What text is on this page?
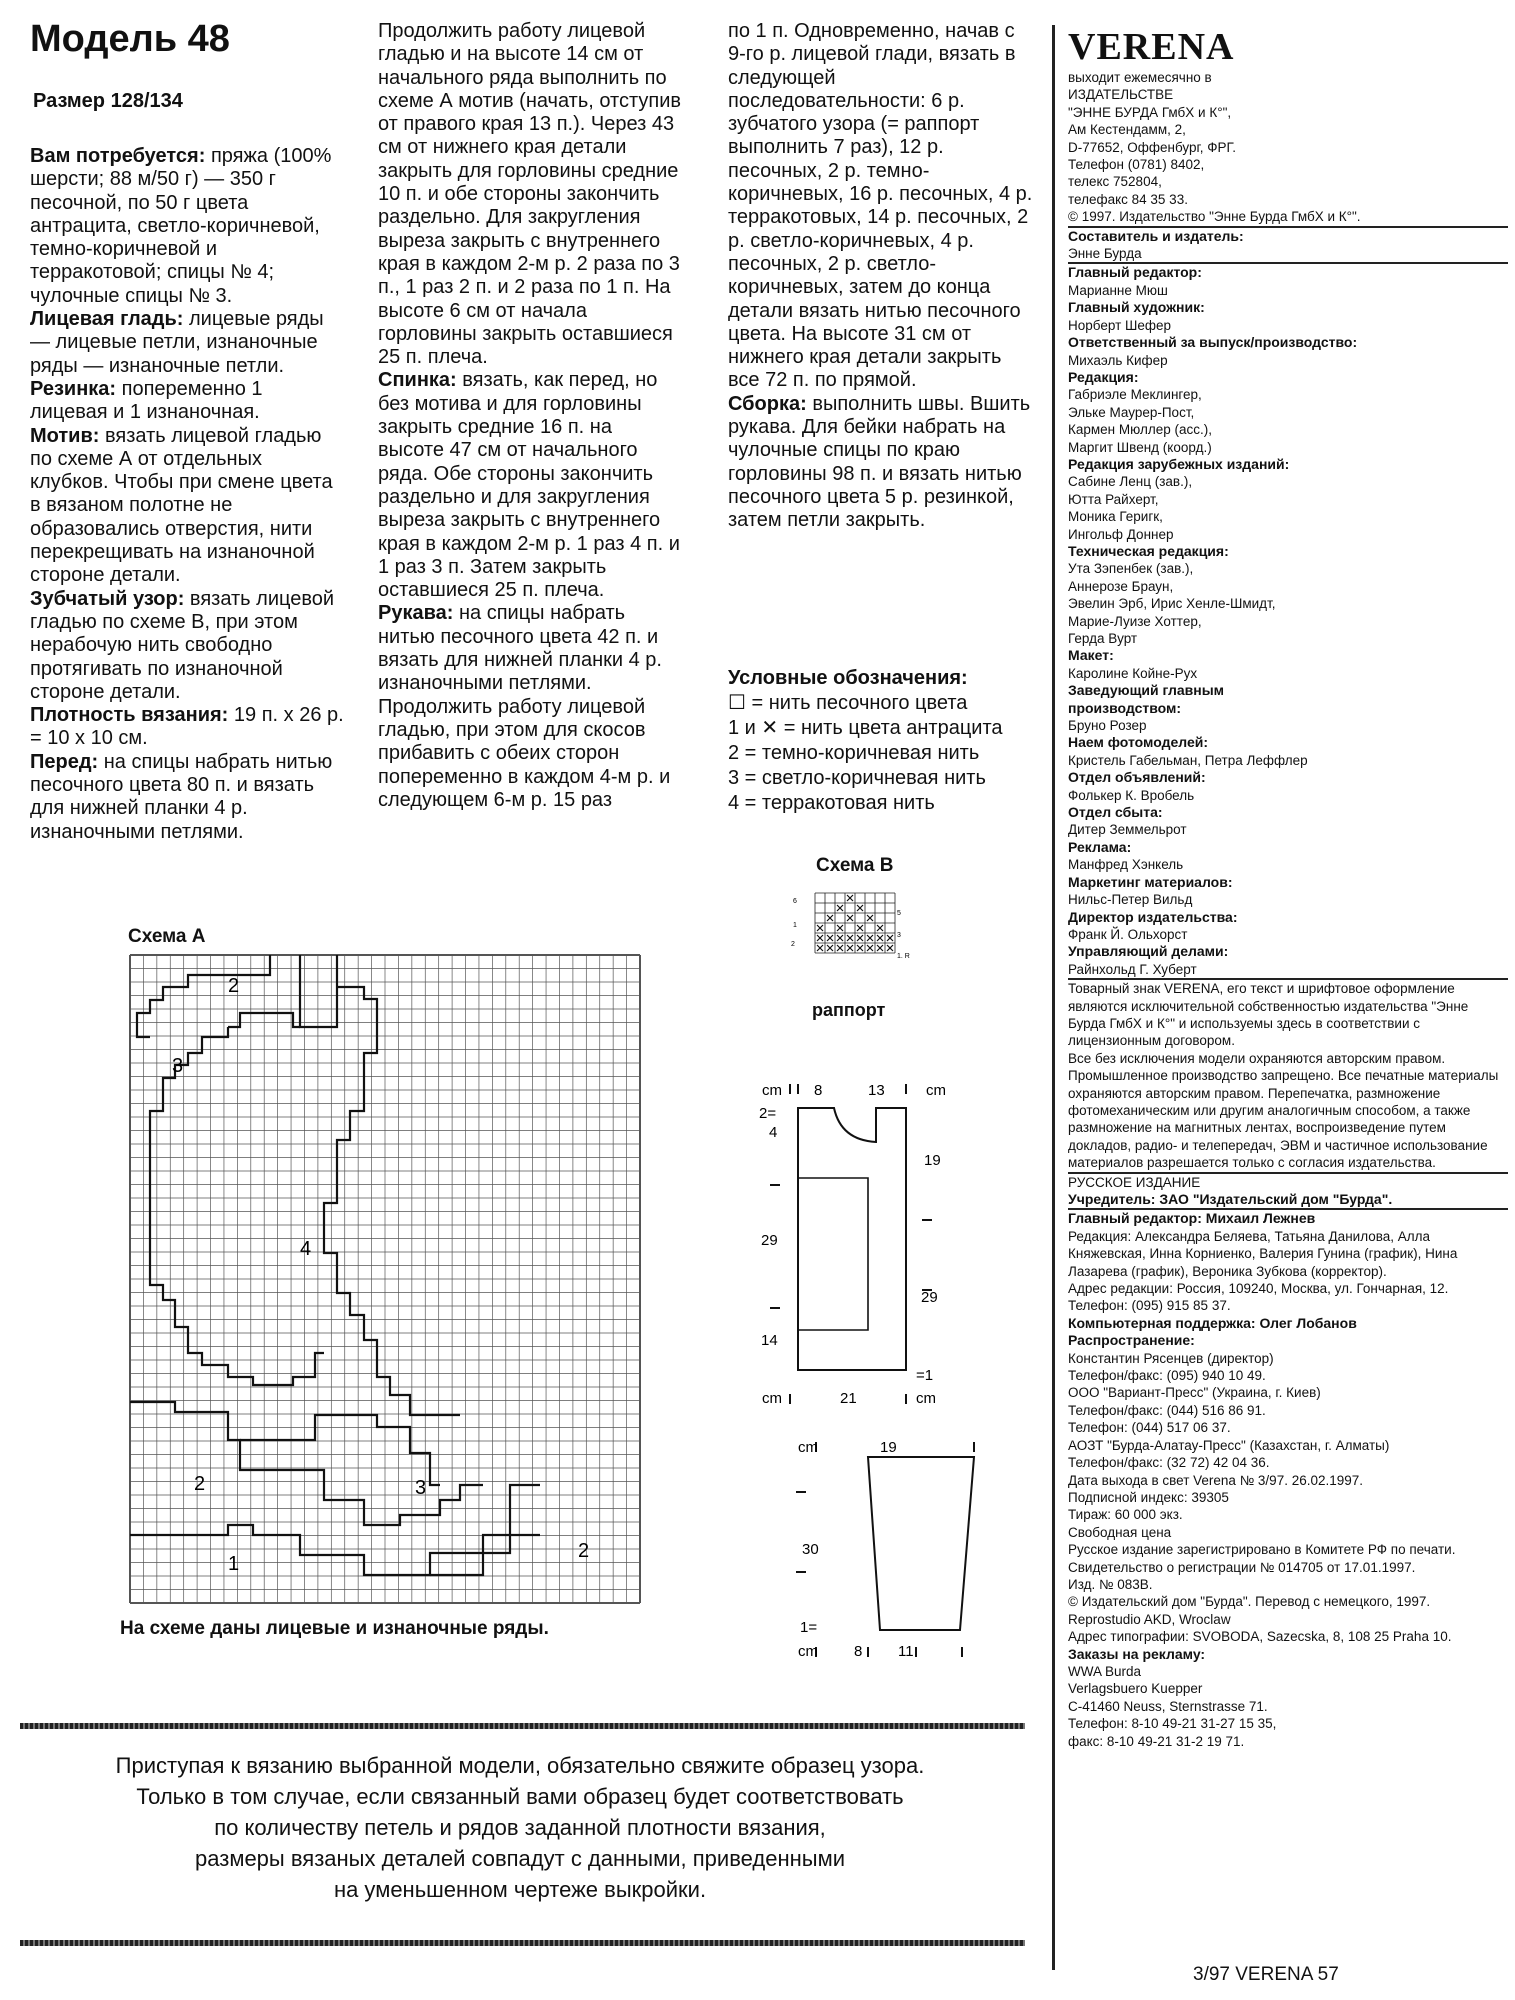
Модель 48
Размер 128/134
Вам потребуется: пряжа (100% шерсти; 88 м/50 г) — 350 г песочной, по 50 г цвета антрацита, светло-коричневой, темно-коричневой и терракотовой; спицы № 4; чулочные спицы № 3.
Лицевая гладь: лицевые ряды — лицевые петли, изнаночные ряды — изнаночные петли.
Резинка: попеременно 1 лицевая и 1 изнаночная.
Мотив: вязать лицевой гладью по схеме А от отдельных клубков. Чтобы при смене цвета в вязаном полотне не образовались отверстия, нити перекрещивать на изнаночной стороне детали.
Зубчатый узор: вязать лицевой гладью по схеме В, при этом нерабочую нить свободно протягивать по изнаночной стороне детали.
Плотность вязания: 19 п. х 26 р. = 10 х 10 см.
Перед: на спицы набрать нитью песочного цвета 80 п. и вязать для нижней планки 4 р. изнаночными петлями.
Продолжить работу лицевой гладью и на высоте 14 см от начального ряда выполнить по схеме А мотив (начать, отступив от правого края 13 п.). Через 43 см от нижнего края детали закрыть для горловины средние 10 п. и обе стороны закончить раздельно. Для закругления выреза закрыть с внутреннего края в каждом 2-м р. 2 раза по 3 п., 1 раз 2 п. и 2 раза по 1 п. На высоте 6 см от начала горловины закрыть оставшиеся 25 п. плеча.
Спинка: вязать, как перед, но без мотива и для горловины закрыть средние 16 п. на высоте 47 см от начального ряда. Обе стороны закончить раздельно и для закругления выреза закрыть с внутреннего края в каждом 2-м р. 1 раз 4 п. и 1 раз 3 п. Затем закрыть оставшиеся 25 п. плеча.
Рукава: на спицы набрать нитью песочного цвета 42 п. и вязать для нижней планки 4 р. изнаночными петлями. Продолжить работу лицевой гладью, при этом для скосов прибавить с обеих сторон попеременно в каждом 4-м р. и следующем 6-м р. 15 раз
по 1 п. Одновременно, начав с 9-го р. лицевой глади, вязать в следующей последовательности: 6 р. зубчатого узора (= раппорт выполнить 7 раз), 12 р. песочных, 2 р. темно-коричневых, 16 р. песочных, 4 р. терракотовых, 14 р. песочных, 2 р. светло-коричневых, 4 р. песочных, 2 р. светло-коричневых, затем до конца детали вязать нитью песочного цвета. На высоте 31 см от нижнего края детали закрыть все 72 п. по прямой.
Сборка: выполнить швы. Вшить рукава. Для бейки набрать на чулочные спицы по краю горловины 98 п. и вязать нитью песочного цвета 5 р. резинкой, затем петли закрыть.
Условные обозначения:
☐ = нить песочного цвета
1 и ✕ = нить цвета антрацита
2 = темно-коричневая нить
3 = светло-коричневая нить
4 = терракотовая нить
Схема А
2
3
4
2	3
2
1
На схеме даны лицевые и изнаночные ряды.
Схема В
6
1
2
5
3
1. R
раппорт
cm 8	13	cm
2=
4
29
14
cm
19
29
=1
cm
21
cm	19
30
1=
cm 8 11
Приступая к вязанию выбранной модели, обязательно свяжите образец узора.
Только в том случае, если связанный вами образец будет соответствовать
по количеству петель и рядов заданной плотности вязания,
размеры вязаных деталей совпадут с данными, приведенными
на уменьшенном чертеже выкройки.
VERENA
выходит ежемесячно в
ИЗДАТЕЛЬСТВЕ
"ЭННЕ БУРДА ГмбХ и К°",
Ам Кестендамм, 2,
D-77652, Оффенбург, ФРГ.
Телефон (0781) 8402,
телекс 752804,
телефакс 84 35 33.
© 1997. Издательство "Энне Бурда ГмбХ и К°".
Составитель и издатель:
Энне Бурда
Главный редактор:
Марианне Мюш
Главный художник:
Норберт Шефер
Ответственный за выпуск/производство:
Михаэль Кифер
Редакция:
Габриэле Меклингер,
Эльке Маурер-Пост,
Кармен Мюллер (асс.),
Маргит Швенд (коорд.)
Редакция зарубежных изданий:
Сабине Ленц (зав.),
Ютта Райхерт,
Моника Геригк,
Ингольф Доннер
Техническая редакция:
Ута Зэпенбек (зав.),
Аннерозе Браун,
Эвелин Эрб, Ирис Хенле-Шмидт,
Марие-Луизе Хоттер,
Герда Вурт
Макет:
Каролине Койне-Рух
Заведующий главным
производством:
Бруно Розер
Наем фотомоделей:
Кристель Габельман, Петра Леффлер
Отдел объявлений:
Фолькер К. Вробель
Отдел сбыта:
Дитер Земмельрот
Реклама:
Манфред Хэнкель
Маркетинг материалов:
Нильс-Петер Вильд
Директор издательства:
Франк Й. Ольхорст
Управляющий делами:
Райнхольд Г. Хуберт
Товарный знак VERENA, его текст и шрифтовое оформление являются исключительной собственностью издательства "Энне Бурда ГмбХ и К°" и используемы здесь в соответствии с лицензионным договором.
Все без исключения модели охраняются авторским правом. Промышленное производство запрещено. Все печатные материалы охраняются авторским правом. Перепечатка, размножение фотомеханическим или другим аналогичным способом, а также размножение на магнитных лентах, воспроизведение путем докладов, радио- и телепередач, ЭВМ и частичное использование материалов разрешается только с согласия издательства.
РУССКОЕ ИЗДАНИЕ
Учредитель: ЗАО "Издательский дом "Бурда".
Главный редактор: Михаил Лежнев
Редакция: Александра Беляева, Татьяна Данилова, Алла Княжевская, Инна Корниенко, Валерия Гунина (график), Нина Лазарева (график), Вероника Зубкова (корректор).
Адрес редакции: Россия, 109240, Москва, ул. Гончарная, 12. Телефон: (095) 915 85 37.
Компьютерная поддержка: Олег Лобанов
Распространение:
Константин Рясенцев (директор)
Телефон/факс: (095) 940 10 49.
ООО "Вариант-Пресс" (Украина, г. Киев)
Телефон/факс: (044) 516 86 91.
Телефон: (044) 517 06 37.
АОЗТ "Бурда-Алатау-Пресс" (Казахстан, г. Алматы)
Телефон/факс: (32 72) 42 04 36.
Дата выхода в свет Verena № 3/97. 26.02.1997.
Подписной индекс: 39305
Тираж: 60 000 экз.
Свободная цена
Русское издание зарегистрировано в Комитете РФ по печати. Свидетельство о регистрации № 014705 от 17.01.1997.
Изд. № 083В.
© Издательский дом "Бурда". Перевод с немецкого, 1997.
Reprostudio AKD, Wroclaw
Адрес типографии: SVOBODA, Sazecska, 8, 108 25 Praha 10.
Заказы на рекламу:
WWA Burda
Verlagsbuero Kuepper
C-41460 Neuss, Sternstrasse 71.
Телефон: 8-10 49-21 31-27 15 35,
факс: 8-10 49-21 31-2 19 71.
3/97 VERENA 57
